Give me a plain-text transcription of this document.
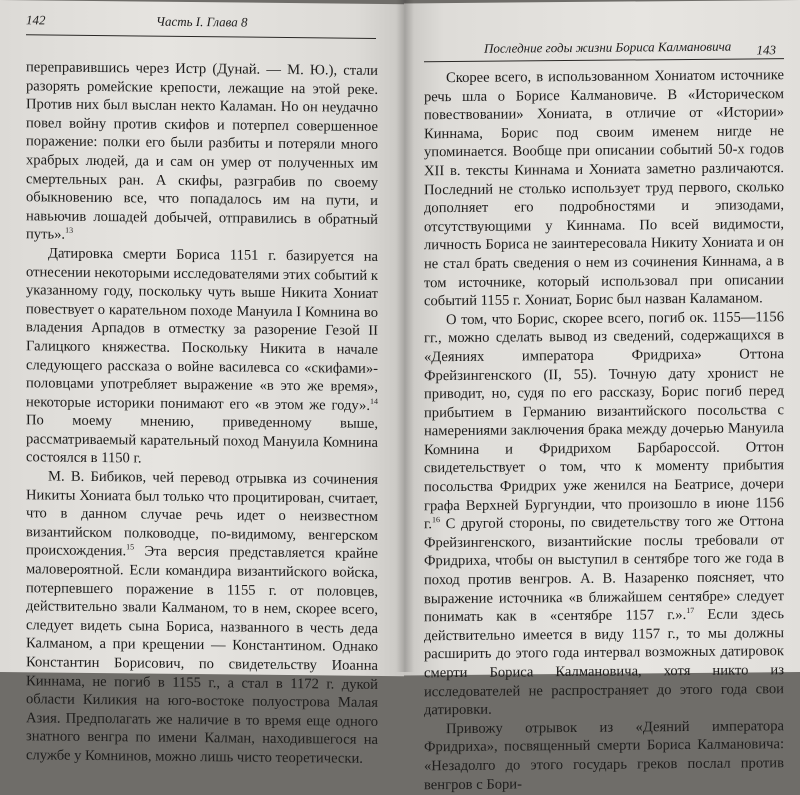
142	Часть I. Глава 8

переправившись через Истр (Дунай. — М. Ю.), стали разорять ромейские крепости, лежащие на этой реке. Против них был выслан некто Каламан. Но он неудачно повел войну против скифов и потерпел совершенное поражение: полки его были разбиты и потеряли много храбрых людей, да и сам он умер от полученных им смертельных ран. А скифы, разграбив по своему обыкновению все, что попадалось им на пути, и навьючив лошадей добычей, отправились в обратный путь».$^{13}$

Датировка смерти Бориса 1151 г. базируется на отнесении некоторыми исследователями этих событий к указанному году, поскольку чуть выше Никита Хониат повествует о карательном походе Мануила I Комнина во владения Арпадов в отместку за разорение Гезой II Галицкого княжества. Поскольку Никита в начале следующего рассказа о войне василевса со «скифами»-половцами употребляет выражение «в это же время», некоторые историки понимают его «в этом же году».$^{14}$ По моему мнению, приведенному выше, рассматриваемый карательный поход Мануила Комнина состоялся в 1150 г.

М. В. Бибиков, чей перевод отрывка из сочинения Никиты Хониата был только что процитирован, считает, что в данном случае речь идет о неизвестном византийском полководце, по-видимому, венгерском происхождения.$^{15}$ Эта версия представляется крайне маловероятной. Если командира византийского войска, потерпевшего поражение в 1155 г. от половцев, действительно звали Калманом, то в нем, скорее всего, следует видеть сына Бориса, названного в честь деда Калманом, а при крещении — Константином. Однако Константин Борисович, по свидетельству Иоанна Киннама, не погиб в 1155 г., а стал в 1172 г. дукой области Киликия на юго-востоке полуострова Малая Азия. Предполагать же наличие в то время еще одного знатного венгра по имени Калман, находившегося на службе у Комнинов, можно лишь чисто теоретически.

Последние годы жизни Бориса Калмановича 143

Скорее всего, в использованном Хониатом источнике речь шла о Борисе Калмановиче. В «Историческом повествовании» Хониата, в отличие от «Истории» Киннама, Борис под своим именем нигде не упоминается. Вообще при описании событий 50-х годов XII в. тексты Киннама и Хониата заметно различаются. Последний не столько использует труд первого, сколько дополняет его подробностями и эпизодами, отсутствующими у Киннама. По всей видимости, личность Бориса не заинтересовала Никиту Хониата и он не стал брать сведения о нем из сочинения Киннама, а в том источнике, который использовал при описании событий 1155 г. Хониат, Борис был назван Каламаном.

О том, что Борис, скорее всего, погиб ок. 1155—1156 гг., можно сделать вывод из сведений, содержащихся в «Деяниях императора Фридриха» Оттона Фрейзингенского (II, 55). Точную дату хронист не приводит, но, судя по его рассказу, Борис погиб перед прибытием в Германию византийского посольства с намерениями заключения брака между дочерью Мануила Комнина и Фридрихом Барбароссой. Оттон свидетельствует о том, что к моменту прибытия посольства Фридрих уже женился на Беатрисе, дочери графа Верхней Бургундии, что произошло в июне 1156 г.$^{16}$ С другой стороны, по свидетельству того же Оттона Фрейзингенского, византийские послы требовали от Фридриха, чтобы он выступил в сентябре того же года в поход против венгров. А. В. Назаренко поясняет, что выражение источника «в ближайшем сентябре» следует понимать как в «сентябре 1157 г.».$^{17}$ Если здесь действительно имеется в виду 1157 г., то мы должны расширить до этого года интервал возможных датировок смерти Бориса Калмановича, хотя никто из исследователей не распространяет до этого года свои датировки.

Привожу отрывок из «Деяний императора Фридриха», посвященный смерти Бориса Калмановича: «Незадолго до этого государь греков послал против венгров с Бори-
